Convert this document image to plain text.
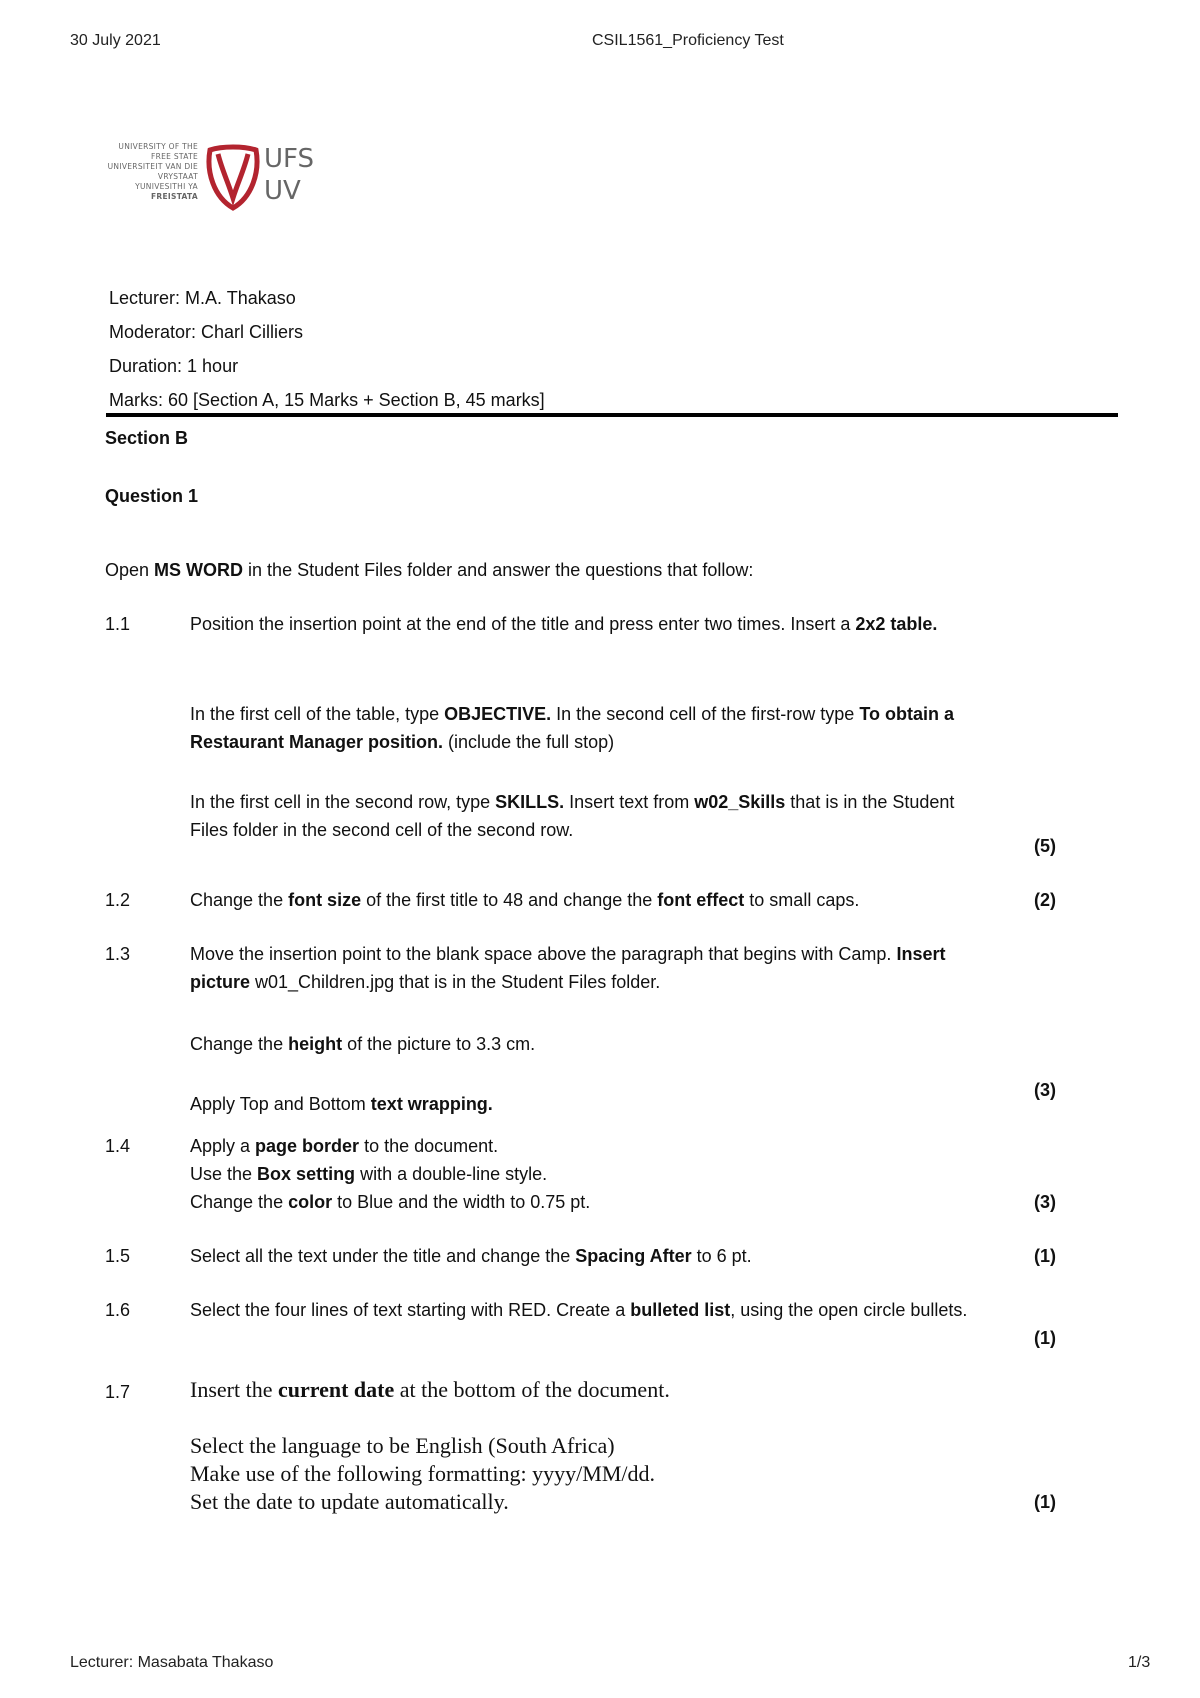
30 July 2021	CSIL1561_Proficiency Test
UNIVERSITY OF THE
FREE STATE
UNIVERSITEIT VAN DIE
VRYSTAAT
YUNIVESITHI YA
FREISTATA
UFS
UV
Lecturer: M.A. Thakaso
Moderator: Charl Cilliers
Duration: 1 hour
Marks: 60 [Section A, 15 Marks + Section B, 45 marks]
Section B
Question 1
Open MS WORD in the Student Files folder and answer the questions that follow:
1.1	Position the insertion point at the end of the title and press enter two times. Insert a 2x2 table.
In the first cell of the table, type OBJECTIVE. In the second cell of the first-row type To obtain a Restaurant Manager position. (include the full stop)
In the first cell in the second row, type SKILLS. Insert text from w02_Skills that is in the Student Files folder in the second cell of the second row.
(5)
1.2	Change the font size of the first title to 48 and change the font effect to small caps.	(2)
1.3	Move the insertion point to the blank space above the paragraph that begins with Camp. Insert picture w01_Children.jpg that is in the Student Files folder.
Change the height of the picture to 3.3 cm.
Apply Top and Bottom text wrapping.
(3)
1.4	Apply a page border to the document.
Use the Box setting with a double-line style.
Change the color to Blue and the width to 0.75 pt.	(3)
1.5	Select all the text under the title and change the Spacing After to 6 pt.	(1)
1.6	Select the four lines of text starting with RED. Create a bulleted list, using the open circle bullets.
(1)
1.7	Insert the current date at the bottom of the document.
Select the language to be English (South Africa)
Make use of the following formatting: yyyy/MM/dd.
Set the date to update automatically.	(1)
Lecturer: Masabata Thakaso	1/3
